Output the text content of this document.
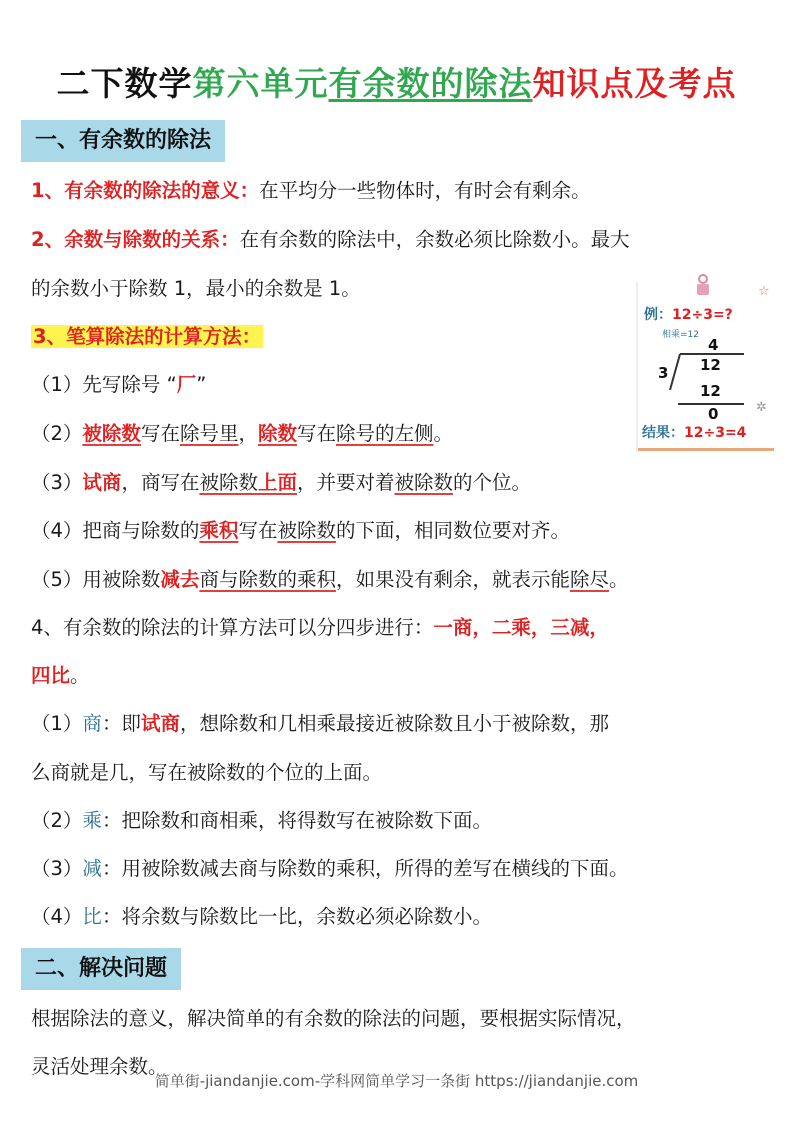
二下数学第六单元有余数的除法知识点及考点
一、有余数的除法
1、有余数的除法的意义：在平均分一些物体时，有时会有剩余。
2、余数与除数的关系：在有余数的除法中，余数必须比除数小。最大
的余数小于除数 1，最小的余数是 1。
3、笔算除法的计算方法：
（1）先写除号 “厂”
（2）被除数写在除号里，除数写在除号的左侧。
（3）试商，商写在被除数上面，并要对着被除数的个位。
（4）把商与除数的乘积写在被除数的下面，相同数位要对齐。
（5）用被除数减去商与除数的乘积，如果没有剩余，就表示能除尽。
4、有余数的除法的计算方法可以分四步进行：一商，二乘，三减，
四比。
（1）商：即试商，想除数和几相乘最接近被除数且小于被除数，那
么商就是几，写在被除数的个位的上面。
（2）乘：把除数和商相乘，将得数写在被除数下面。
（3）减：用被除数减去商与除数的乘积，所得的差写在横线的下面。
（4）比：将余数与除数比一比，余数必须必除数小。
二、解决问题
根据除法的意义，解决简单的有余数的除法的问题，要根据实际情况，
灵活处理余数。
☆
✲
例：12÷3=?
相乘=12
4
3 12
12
0
结果：12÷3=4
简单街-jiandanjie.com-学科网简单学习一条街 https://jiandanjie.com
